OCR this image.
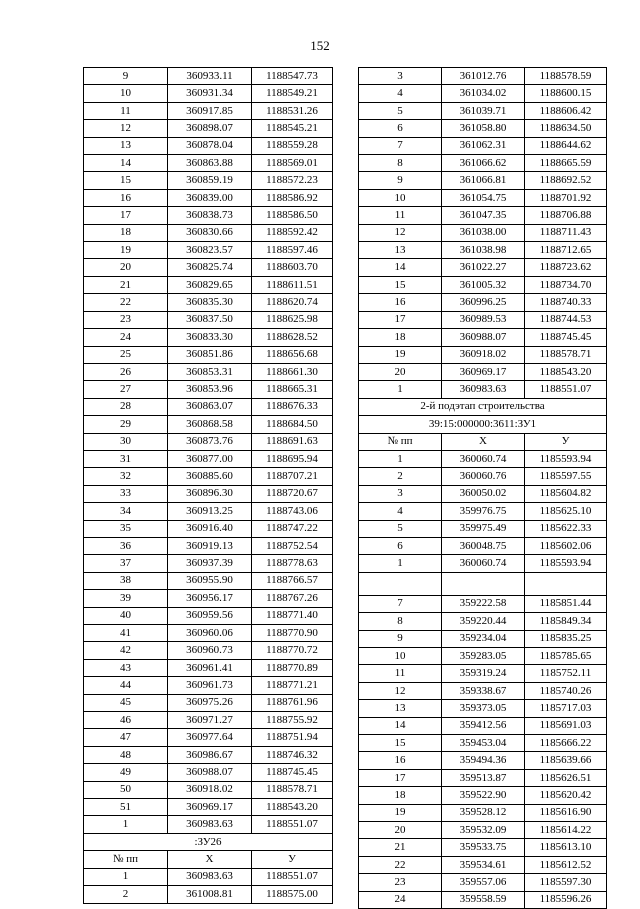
152
9	360933.11	1188547.73
10	360931.34	1188549.21
11	360917.85	1188531.26
12	360898.07	1188545.21
13	360878.04	1188559.28
14	360863.88	1188569.01
15	360859.19	1188572.23
16	360839.00	1188586.92
17	360838.73	1188586.50
18	360830.66	1188592.42
19	360823.57	1188597.46
20	360825.74	1188603.70
21	360829.65	1188611.51
22	360835.30	1188620.74
23	360837.50	1188625.98
24	360833.30	1188628.52
25	360851.86	1188656.68
26	360853.31	1188661.30
27	360853.96	1188665.31
28	360863.07	1188676.33
29	360868.58	1188684.50
30	360873.76	1188691.63
31	360877.00	1188695.94
32	360885.60	1188707.21
33	360896.30	1188720.67
34	360913.25	1188743.06
35	360916.40	1188747.22
36	360919.13	1188752.54
37	360937.39	1188778.63
38	360955.90	1188766.57
39	360956.17	1188767.26
40	360959.56	1188771.40
41	360960.06	1188770.90
42	360960.73	1188770.72
43	360961.41	1188770.89
44	360961.73	1188771.21
45	360975.26	1188761.96
46	360971.27	1188755.92
47	360977.64	1188751.94
48	360986.67	1188746.32
49	360988.07	1188745.45
50	360918.02	1188578.71
51	360969.17	1188543.20
1	360983.63	1188551.07
:ЗУ26		
№ пп	X	У
1	360983.63	1188551.07
2	361008.81	1188575.00
3	361012.76	1188578.59
4	361034.02	1188600.15
5	361039.71	1188606.42
6	361058.80	1188634.50
7	361062.31	1188644.62
8	361066.62	1188665.59
9	361066.81	1188692.52
10	361054.75	1188701.92
11	361047.35	1188706.88
12	361038.00	1188711.43
13	361038.98	1188712.65
14	361022.27	1188723.62
15	361005.32	1188734.70
16	360996.25	1188740.33
17	360989.53	1188744.53
18	360988.07	1188745.45
19	360918.02	1188578.71
20	360969.17	1188543.20
1	360983.63	1188551.07
2-й подэтап строительства		
39:15:000000:3611:ЗУ1		
№ пп	X	У
1	360060.74	1185593.94
2	360060.76	1185597.55
3	360050.02	1185604.82
4	359976.75	1185625.10
5	359975.49	1185622.33
6	360048.75	1185602.06
1	360060.74	1185593.94

7	359222.58	1185851.44
8	359220.44	1185849.34
9	359234.04	1185835.25
10	359283.05	1185785.65
11	359319.24	1185752.11
12	359338.67	1185740.26
13	359373.05	1185717.03
14	359412.56	1185691.03
15	359453.04	1185666.22
16	359494.36	1185639.66
17	359513.87	1185626.51
18	359522.90	1185620.42
19	359528.12	1185616.90
20	359532.09	1185614.22
21	359533.75	1185613.10
22	359534.61	1185612.52
23	359557.06	1185597.30
24	359558.59	1185596.26
